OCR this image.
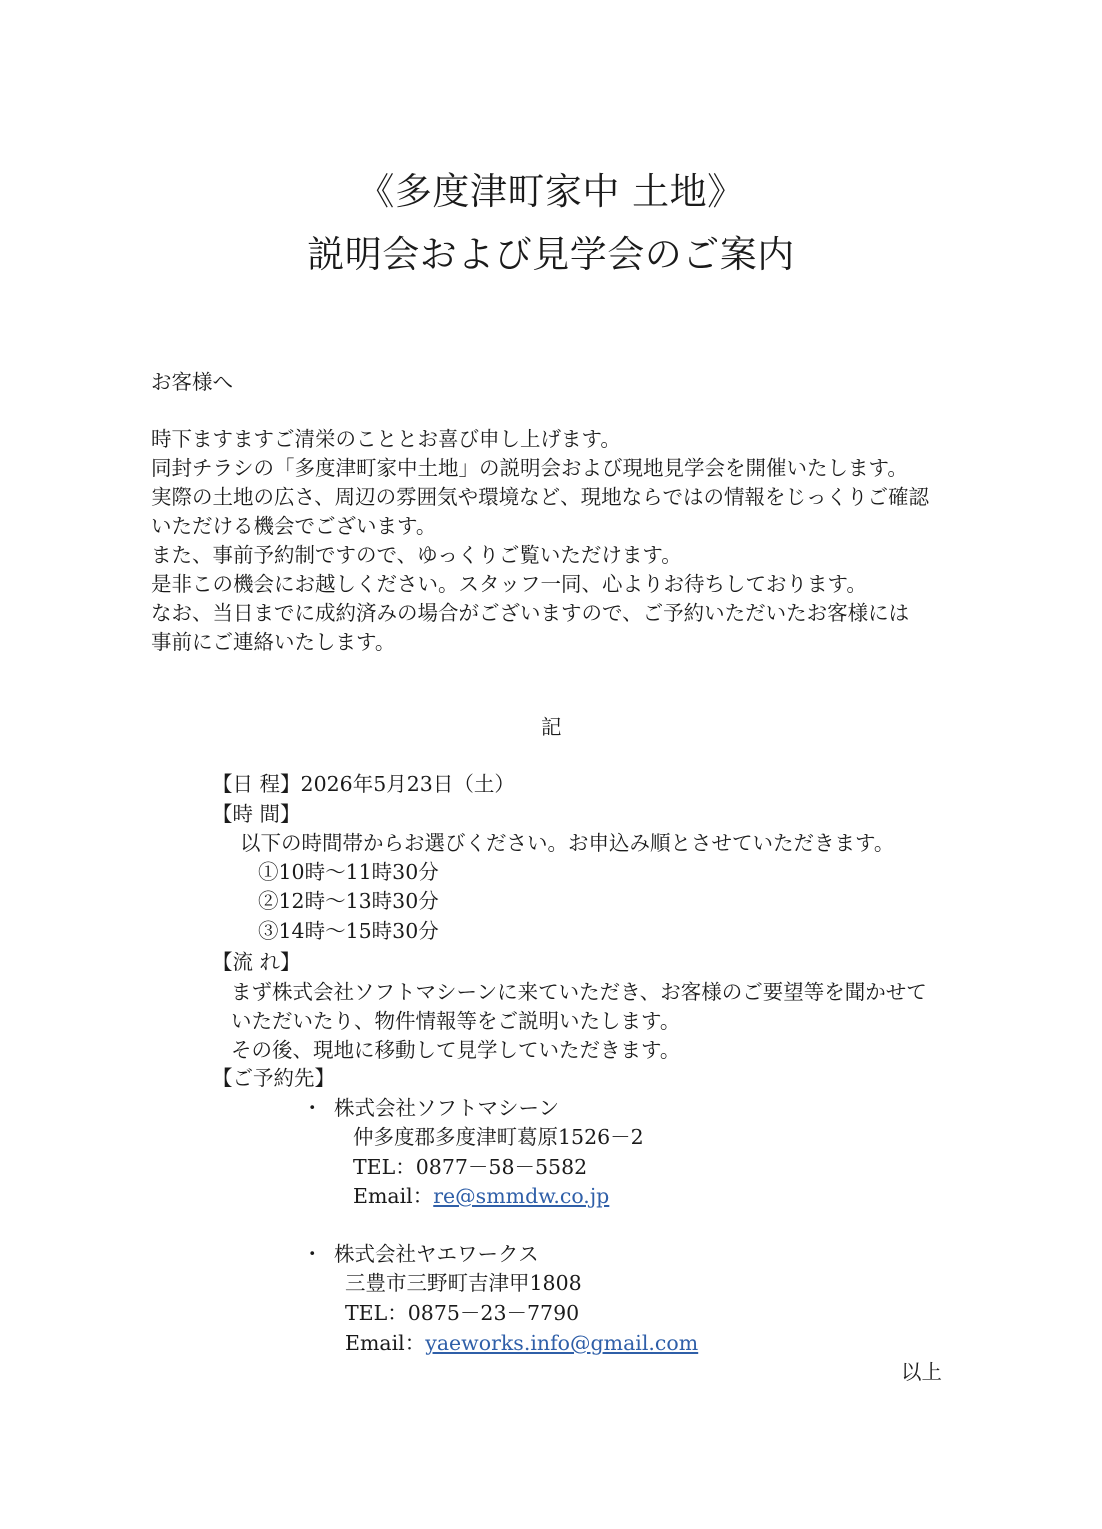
《多度津町家中 土地》
説明会および見学会のご案内
お客様へ
時下ますますご清栄のこととお喜び申し上げます。
同封チラシの「多度津町家中土地」の説明会および現地見学会を開催いたします。
実際の土地の広さ、周辺の雰囲気や環境など、現地ならではの情報をじっくりご確認
いただける機会でございます。
また、事前予約制ですので、ゆっくりご覧いただけます。
是非この機会にお越しください。スタッフ一同、心よりお待ちしております。
なお、当日までに成約済みの場合がございますので、ご予約いただいたお客様には
事前にご連絡いたします。
記
【日 程】2026年5月23日（土）
【時 間】
以下の時間帯からお選びください。お申込み順とさせていただきます。
①10時～11時30分
②12時～13時30分
③14時～15時30分
【流 れ】
まず株式会社ソフトマシーンに来ていただき、お客様のご要望等を聞かせて
いただいたり、物件情報等をご説明いたします。
その後、現地に移動して見学していただきます。
【ご予約先】
・ 株式会社ソフトマシーン
仲多度郡多度津町葛原1526－2
TEL：0877－58－5582
Email：re@smmdw.co.jp
・ 株式会社ヤエワークス
三豊市三野町吉津甲1808
TEL：0875－23－7790
Email：yaeworks.info@gmail.com
以上
